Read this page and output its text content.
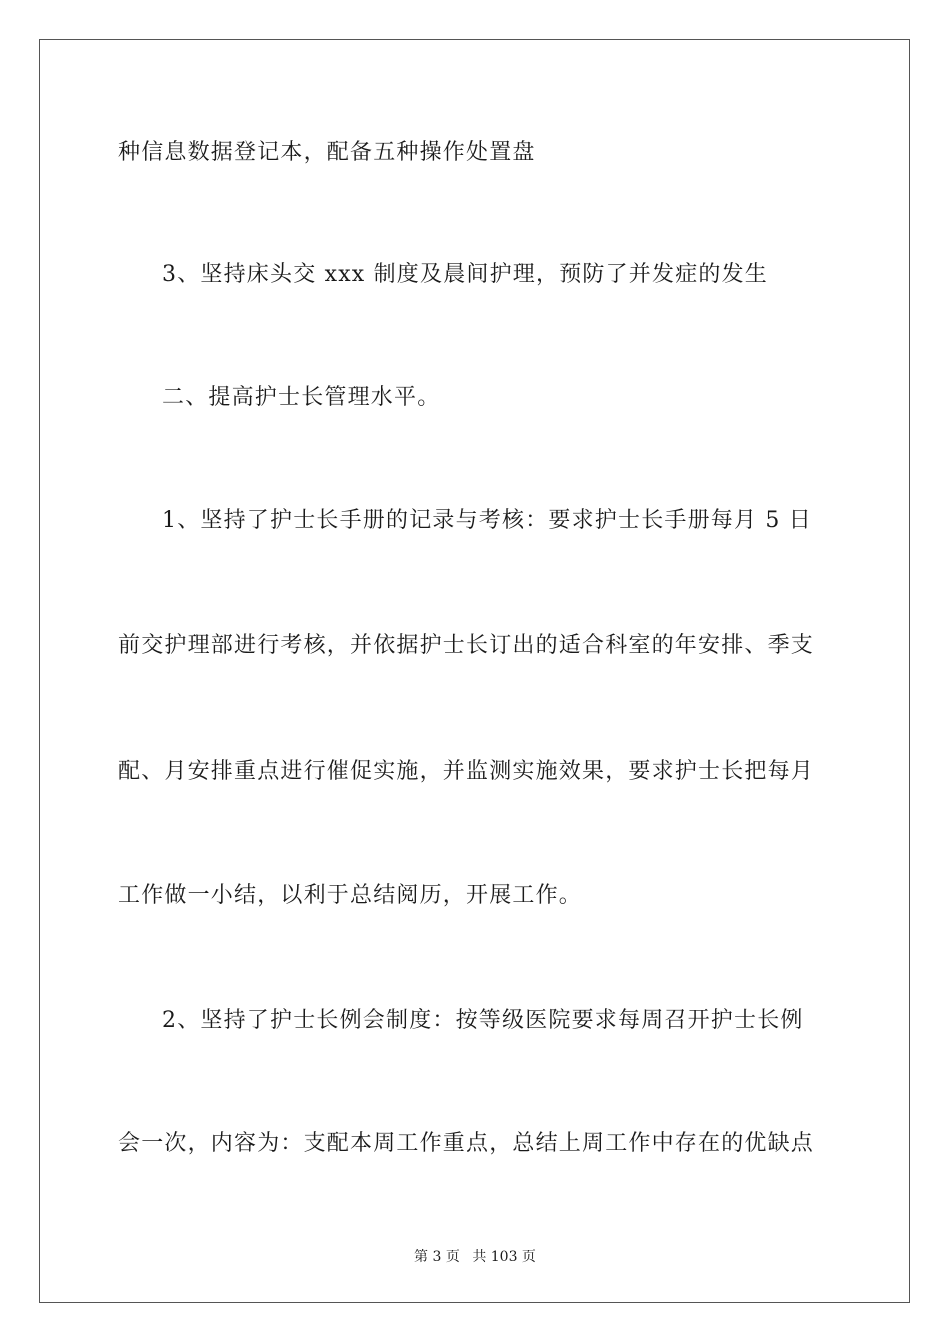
种信息数据登记本，配备五种操作处置盘
3、坚持床头交 xxx 制度及晨间护理，预防了并发症的发生
二、提高护士长管理水平。
1、坚持了护士长手册的记录与考核：要求护士长手册每月 5 日
前交护理部进行考核，并依据护士长订出的适合科室的年安排、季支
配、月安排重点进行催促实施，并监测实施效果，要求护士长把每月
工作做一小结，以利于总结阅历，开展工作。
2、坚持了护士长例会制度：按等级医院要求每周召开护士长例
会一次，内容为：支配本周工作重点，总结上周工作中存在的优缺点
第 3 页 共 103 页
